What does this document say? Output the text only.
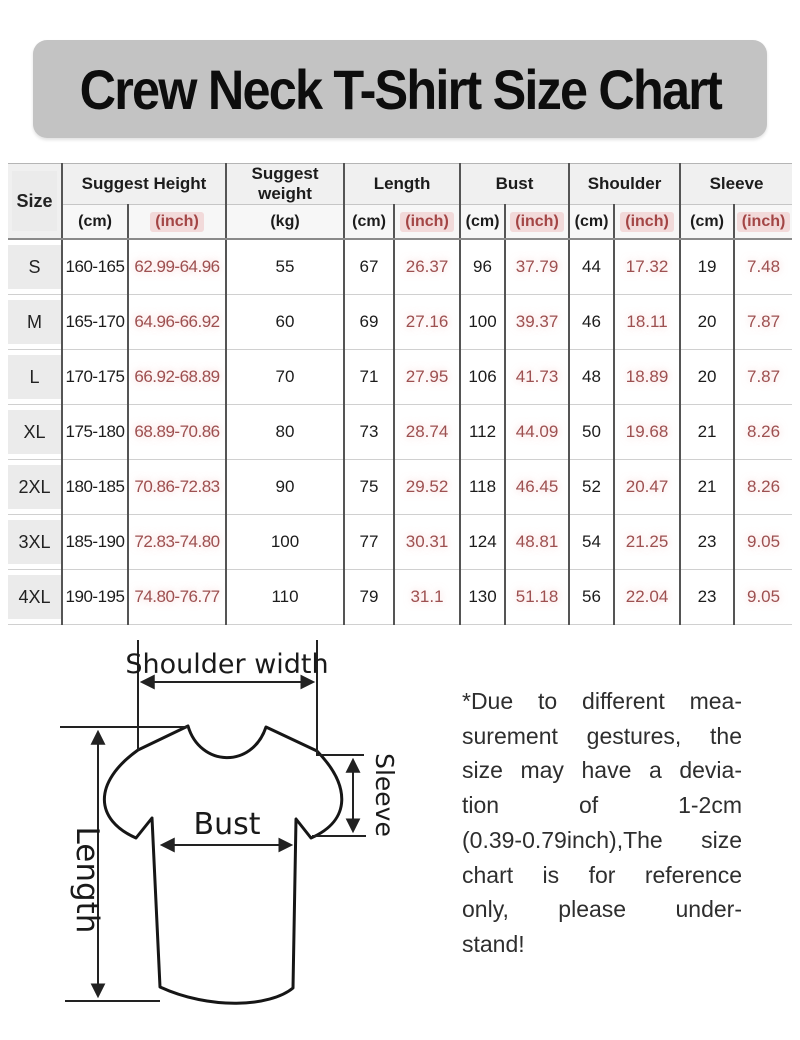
Crew Neck T-Shirt Size Chart
Size	Suggest Height		Suggest weight	Length		Bust		Shoulder		Sleeve	
	(cm)	(inch)	(kg)	(cm)	(inch)	(cm)	(inch)	(cm)	(inch)	(cm)	(inch)

S	160-165	62.99-64.96	55	67	26.37	96	37.79	44	17.32	19	7.48

M	165-170	64.96-66.92	60	69	27.16	100	39.37	46	18.11	20	7.87

L	170-175	66.92-68.89	70	71	27.95	106	41.73	48	18.89	20	7.87

XL	175-180	68.89-70.86	80	73	28.74	112	44.09	50	19.68	21	8.26

2XL	180-185	70.86-72.83	90	75	29.52	118	46.45	52	20.47	21	8.26

3XL	185-190	72.83-74.80	100	77	30.31	124	48.81	54	21.25	23	9.05

4XL	190-195	74.80-76.77	110	79	31.1	130	51.18	56	22.04	23	9.05
Shoulder width
Length
Bust	Sleeve
*Due to different mea-
surement gestures, the
size may have a devia-
tion of 1-2cm
(0.39-0.79inch),The size
chart is for reference
only, please under-
stand!
